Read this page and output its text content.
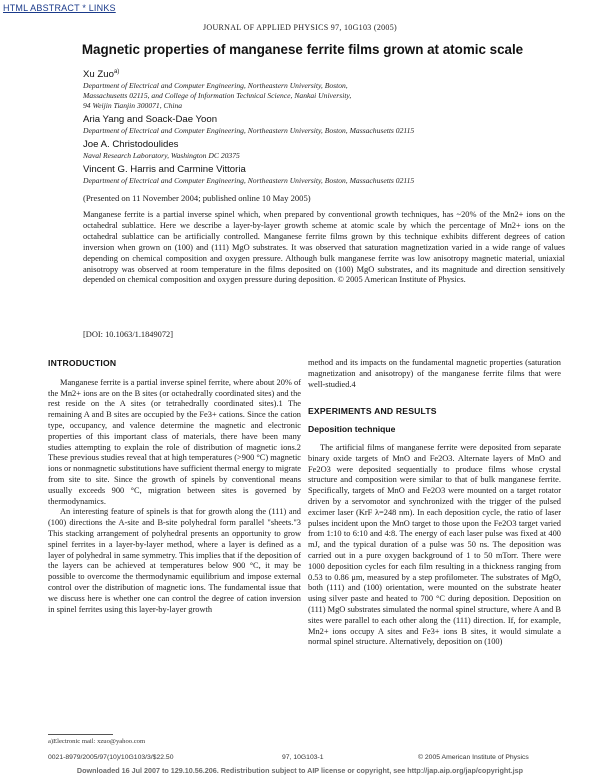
HTML ABSTRACT * LINKS
JOURNAL OF APPLIED PHYSICS 97, 10G103 (2005)
Magnetic properties of manganese ferrite films grown at atomic scale
Xu Zuo$^{a)}$
Department of Electrical and Computer Engineering, Northeastern University, Boston,
Massachusetts 02115, and College of Information Technical Science, Nankai University,
94 Weijin Tianjin 300071, China
Aria Yang and Soack-Dae Yoon
Department of Electrical and Computer Engineering, Northeastern University, Boston, Massachusetts 02115
Joe A. Christodoulides
Naval Research Laboratory, Washington DC 20375
Vincent G. Harris and Carmine Vittoria
Department of Electrical and Computer Engineering, Northeastern University, Boston, Massachusetts 02115
(Presented on 11 November 2004; published online 10 May 2005)

Manganese ferrite is a partial inverse spinel which, when prepared by conventional growth techniques, has ~20% of the Mn2+ ions on the octahedral sublattice. Here we describe a layer-by-layer growth scheme at atomic scale by which the percentage of Mn2+ ions on the octahedral sublattice can be artificially controlled. Manganese ferrite films grown by this technique exhibits different degrees of cation inversion when grown on (100) and (111) MgO substrates. It was observed that saturation magnetization varied in a wide range of values depending on chemical composition and oxygen pressure. Although bulk manganese ferrite was low anisotropy magnetic material, uniaxial anisotropy was observed at room temperature in the films deposited on (100) MgO substrates, and its magnitude and direction sensitively depended on chemical composition and oxygen pressure during deposition. © 2005 American Institute of Physics.

[DOI: 10.1063/1.1849072]
INTRODUCTION

Manganese ferrite is a partial inverse spinel ferrite, where about 20% of the Mn2+ ions are on the B sites (or octahedrally coordinated sites) and the rest reside on the A sites (or tetrahedrally coordinated sites).1 The remaining A and B sites are occupied by the Fe3+ cations. Since the cation type, occupancy, and valence determine the magnetic and electronic properties of this important class of materials, there have been many studies attempting to explain the role of distribution of magnetic ions.2 These previous studies reveal that at high temperatures (>900 °C) magnetic ions or nonmagnetic substitutions have sufficient thermal energy to migrate from site to site. Since the growth of spinels by conventional means usually exceeds 900 °C, migration between sites is governed by thermodynamics.

An interesting feature of spinels is that for growth along the (111) and (100) directions the A-site and B-site polyhedral form parallel "sheets."3 This stacking arrangement of polyhedral presents an opportunity to grow spinel ferrites in a layer-by-layer method, where a layer is defined as a layer of polyhedral in same symmetry. This implies that if the deposition of the layers can be achieved at temperatures below 900 °C, it may be possible to overcome the thermodynamic equilibrium and impose external control over the distribution of magnetic ions. The fundamental issue that we discuss here is whether one can control the degree of cation inversion in spinel ferrites using this layer-by-layer growth

method and its impacts on the fundamental magnetic properties (saturation magnetization and anisotropy) of the manganese ferrite films that were well-studied.4

EXPERIMENTS AND RESULTS
Deposition technique

The artificial films of manganese ferrite were deposited from separate binary oxide targets of MnO and Fe2O3. Alternate layers of MnO and Fe2O3 were deposited sequentially to produce films whose crystal structure and composition were similar to that of bulk manganese ferrite. Specifically, targets of MnO and Fe2O3 were mounted on a target rotator driven by a servomotor and synchronized with the trigger of the pulsed excimer laser (KrF λ=248 nm). In each deposition cycle, the ratio of laser pulses incident upon the MnO target to those upon the Fe2O3 target varied from 1:10 to 6:10 and 4:8. The energy of each laser pulse was fixed at 400 mJ, and the typical duration of a pulse was 50 ns. The deposition was carried out in a pure oxygen background of 1 to 50 mTorr. There were 1000 deposition cycles for each film resulting in a thickness ranging from 0.53 to 0.86 μm, measured by a step profilometer. The substrates of MgO, both (111) and (100) orientation, were mounted on the substrate heater using silver paste and heated to 700 °C during deposition. Deposition on (111) MgO substrates simulated the normal spinel structure, where A and B sites were parallel to each other along the (111) direction. If, for example, Mn2+ ions occupy A sites and Fe3+ ions B sites, it would simulate a normal spinel structure. Alternatively, deposition on (100)

a)Electronic mail: xzuo@yahoo.com
0021-8979/2005/97(10)/10G103/3/$22.50	97, 10G103-1	© 2005 American Institute of Physics
Downloaded 16 Jul 2007 to 129.10.56.206. Redistribution subject to AIP license or copyright, see http://jap.aip.org/jap/copyright.jsp
